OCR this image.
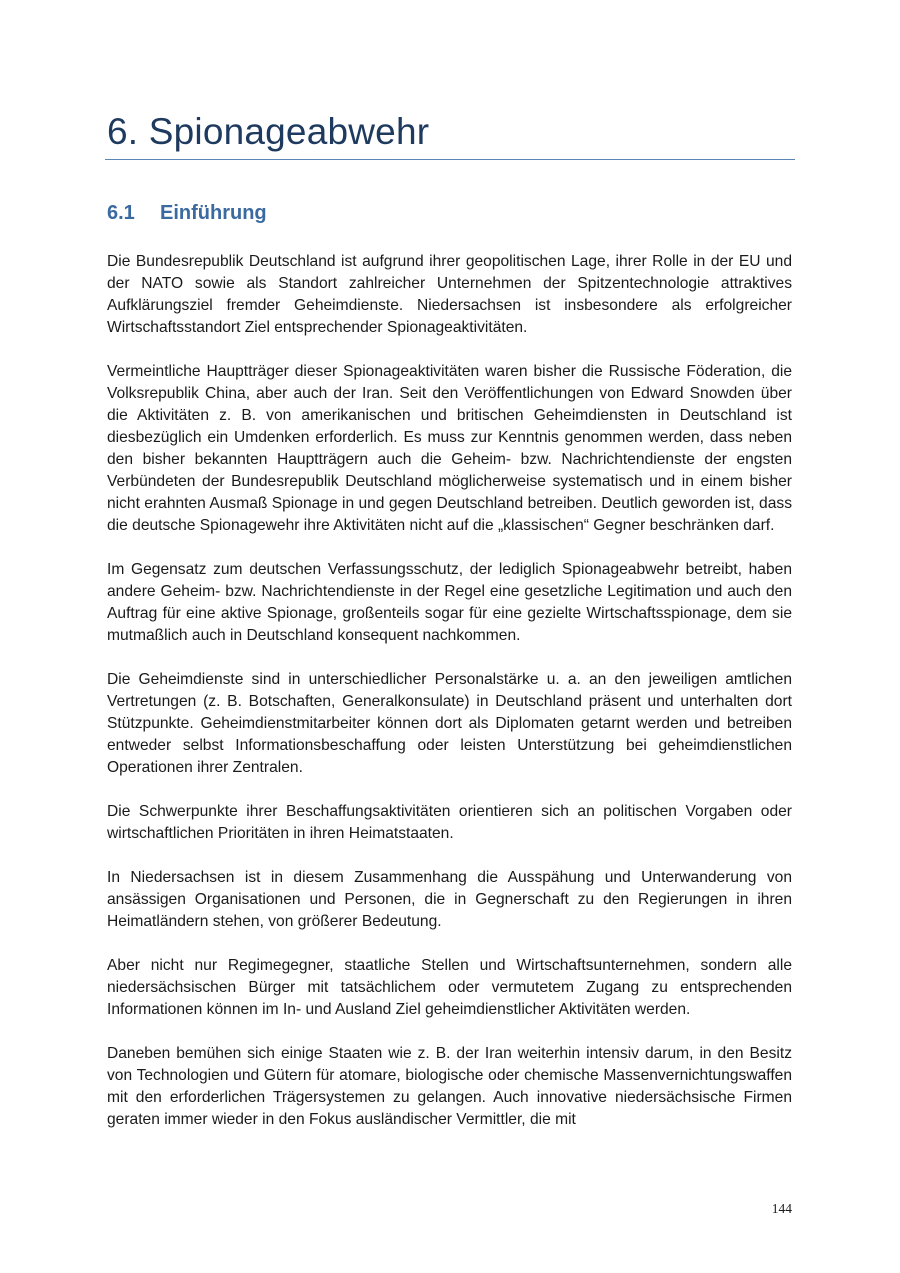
6. Spionageabwehr
6.1	Einführung

Die Bundesrepublik Deutschland ist aufgrund ihrer geopolitischen Lage, ihrer Rolle in der EU und der NATO sowie als Standort zahlreicher Unternehmen der Spitzentechnologie attraktives Aufklärungsziel fremder Geheimdienste. Niedersachsen ist insbesondere als erfolgreicher Wirtschaftsstandort Ziel entsprechender Spionageaktivitäten.

Vermeintliche Hauptträger dieser Spionageaktivitäten waren bisher die Russische Föderation, die Volksrepublik China, aber auch der Iran. Seit den Veröffentlichungen von Edward Snowden über die Aktivitäten z. B. von amerikanischen und britischen Geheimdiensten in Deutschland ist diesbezüglich ein Umdenken erforderlich. Es muss zur Kenntnis genommen werden, dass neben den bisher bekannten Hauptträgern auch die Geheim- bzw. Nachrichtendienste der engsten Verbündeten der Bundesrepublik Deutschland möglicherweise systematisch und in einem bisher nicht erahnten Ausmaß Spionage in und gegen Deutschland betreiben. Deutlich geworden ist, dass die deutsche Spionagewehr ihre Aktivitäten nicht auf die „klassischen“ Gegner beschränken darf.

Im Gegensatz zum deutschen Verfassungsschutz, der lediglich Spionageabwehr betreibt, haben andere Geheim- bzw. Nachrichtendienste in der Regel eine gesetzliche Legitimation und auch den Auftrag für eine aktive Spionage, großenteils sogar für eine gezielte Wirtschaftsspionage, dem sie mutmaßlich auch in Deutschland konsequent nachkommen.

Die Geheimdienste sind in unterschiedlicher Personalstärke u. a. an den jeweiligen amtlichen Vertretungen (z. B. Botschaften, Generalkonsulate) in Deutschland präsent und unterhalten dort Stützpunkte. Geheimdienstmitarbeiter können dort als Diplomaten getarnt werden und betreiben entweder selbst Informationsbeschaffung oder leisten Unterstützung bei geheimdienstlichen Operationen ihrer Zentralen.

Die Schwerpunkte ihrer Beschaffungsaktivitäten orientieren sich an politischen Vorgaben oder wirtschaftlichen Prioritäten in ihren Heimatstaaten.

In Niedersachsen ist in diesem Zusammenhang die Ausspähung und Unterwanderung von ansässigen Organisationen und Personen, die in Gegnerschaft zu den Regierungen in ihren Heimatländern stehen, von größerer Bedeutung.

Aber nicht nur Regimegegner, staatliche Stellen und Wirtschaftsunternehmen, sondern alle niedersächsischen Bürger mit tatsächlichem oder vermutetem Zugang zu entsprechenden Informationen können im In- und Ausland Ziel geheimdienstlicher Aktivitäten werden.

Daneben bemühen sich einige Staaten wie z. B. der Iran weiterhin intensiv darum, in den Besitz von Technologien und Gütern für atomare, biologische oder chemische Massenvernichtungswaffen mit den erforderlichen Trägersystemen zu gelangen. Auch innovative niedersächsische Firmen geraten immer wieder in den Fokus ausländischer Vermittler, die mit

144
